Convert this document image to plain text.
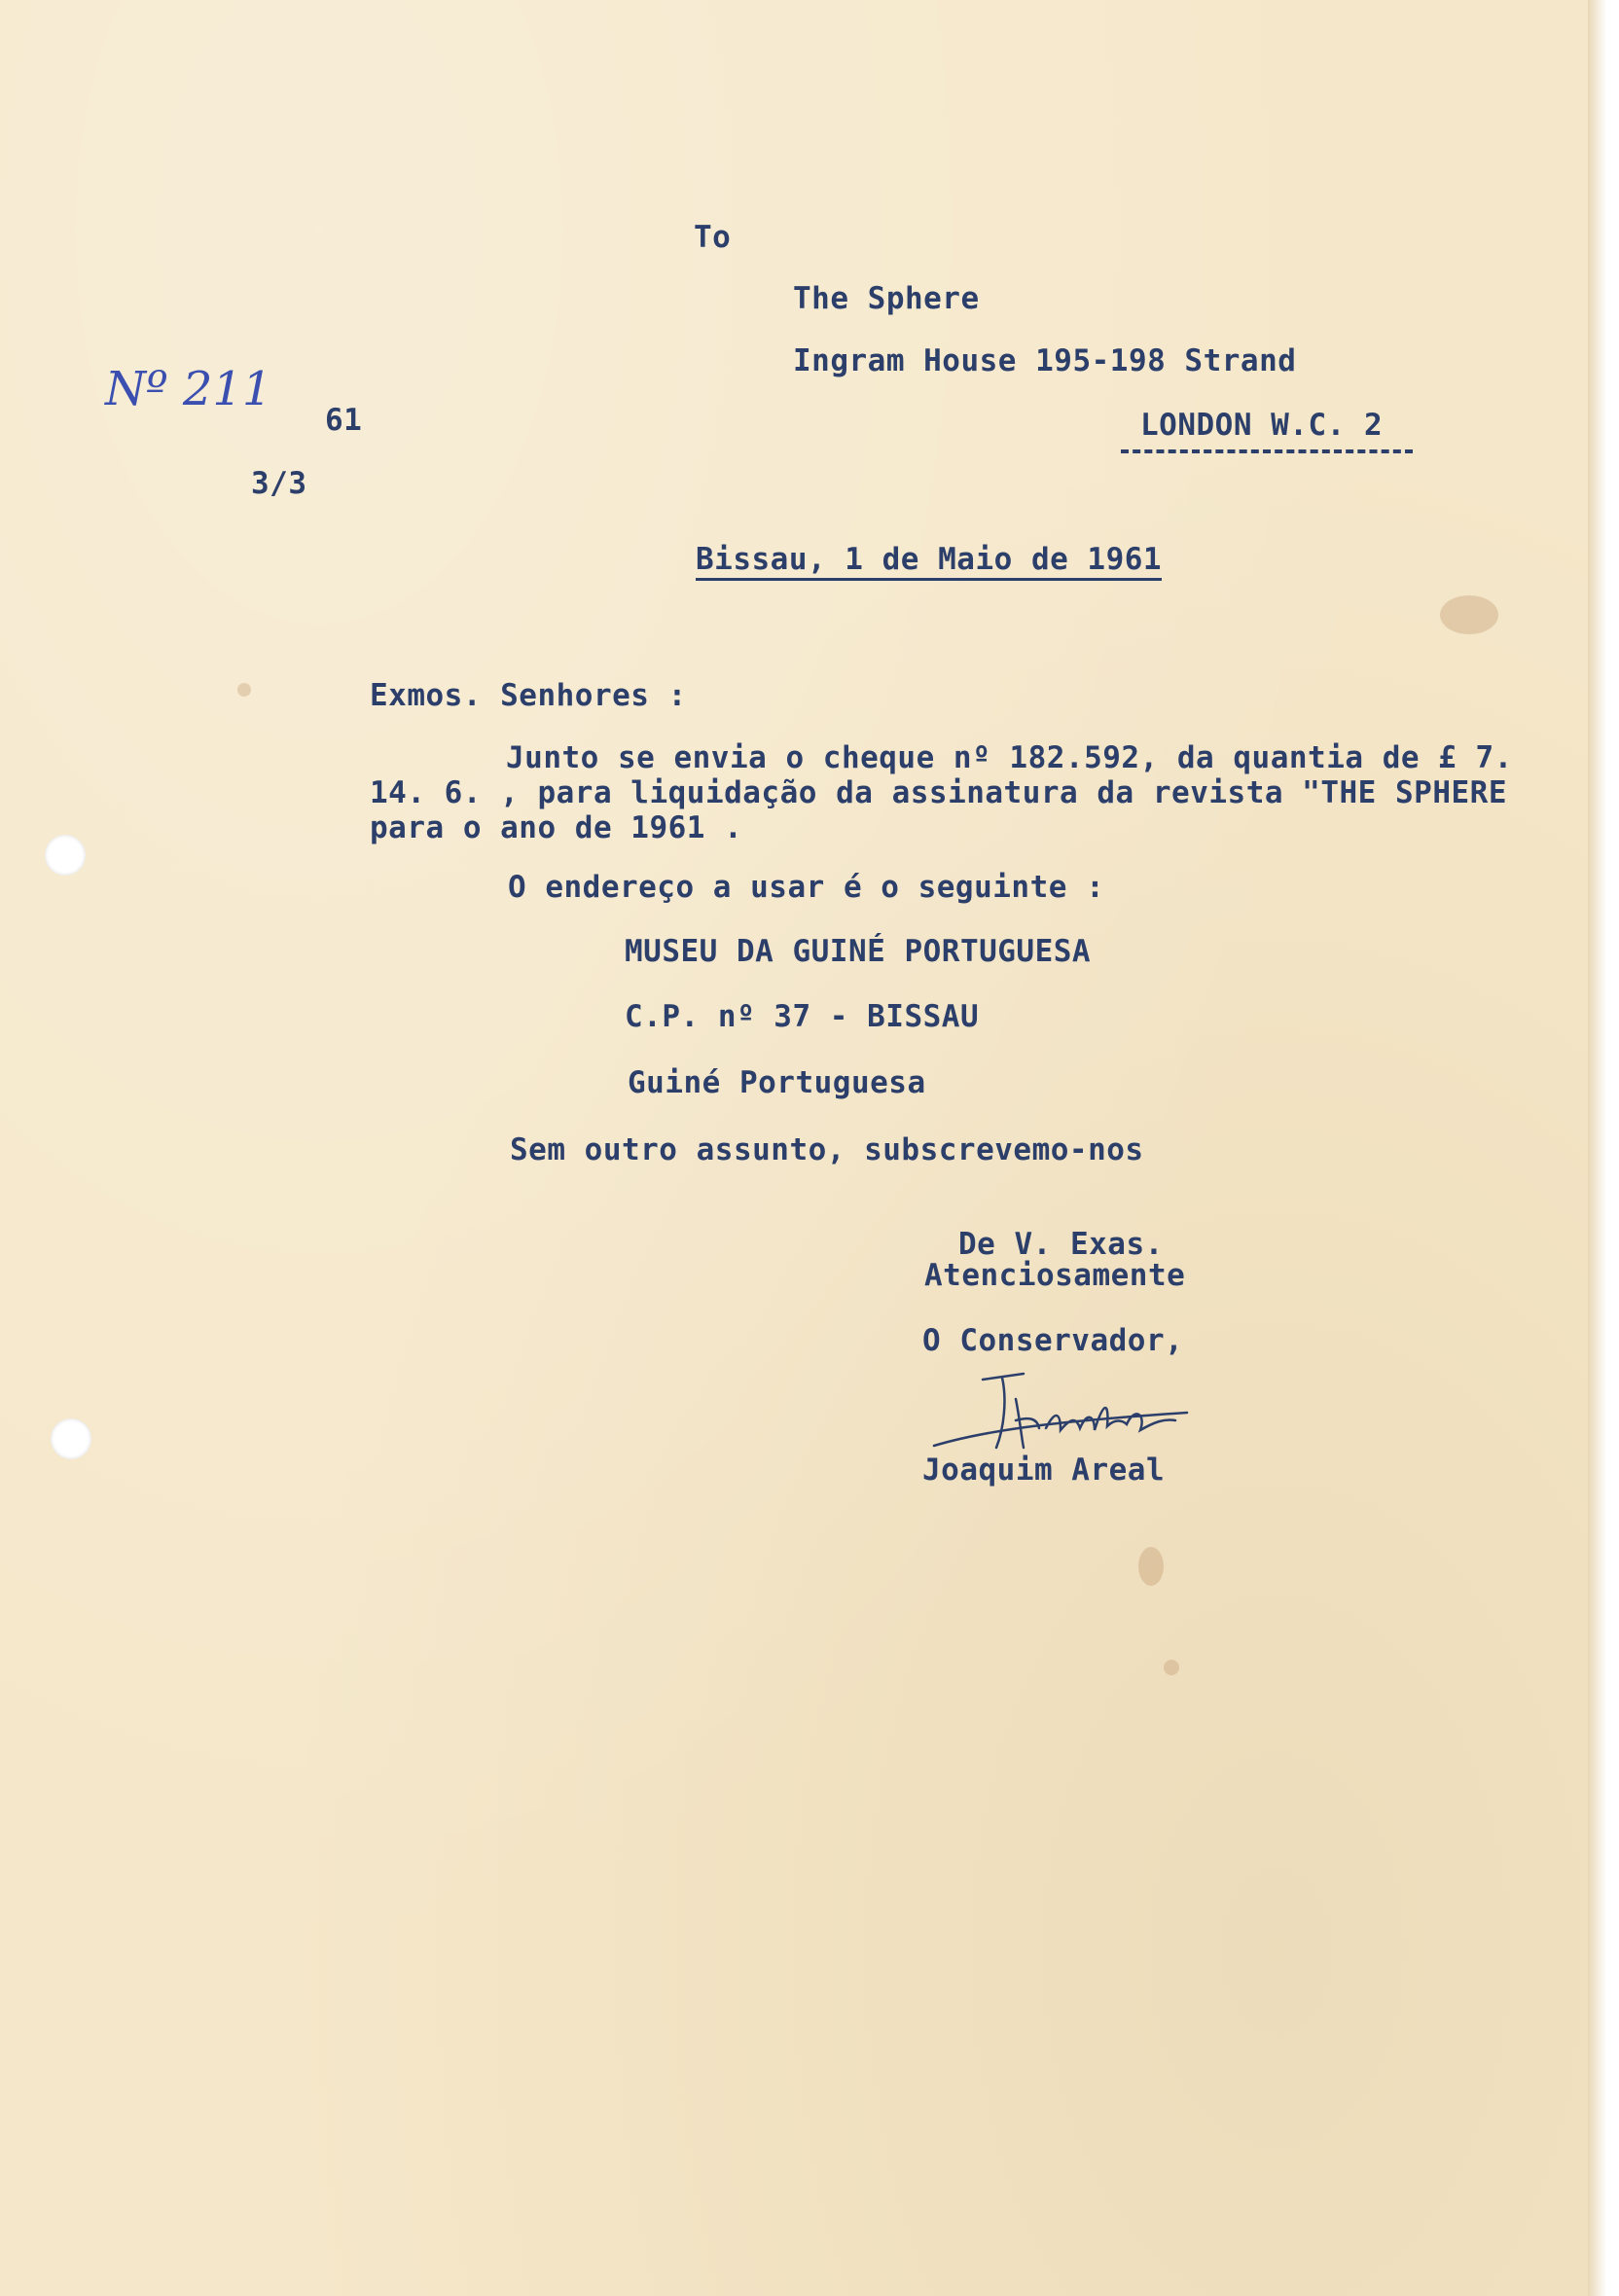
To
The Sphere
Ingram House 195-198 Strand
LONDON W.C. 2
Nº 211
61
3/3
Bissau, 1 de Maio de 1961
Exmos. Senhores :
Junto se envia o cheque nº 182.592, da quantia de £ 7.
14. 6. , para liquidação da assinatura da revista "THE SPHERE
para o ano de 1961 .
O endereço a usar é o seguinte :
MUSEU DA GUINÉ PORTUGUESA
C.P. nº 37 - BISSAU
Guiné Portuguesa
Sem outro assunto, subscrevemo-nos
De V. Exas.
Atenciosamente
O Conservador,
Joaquim Areal
